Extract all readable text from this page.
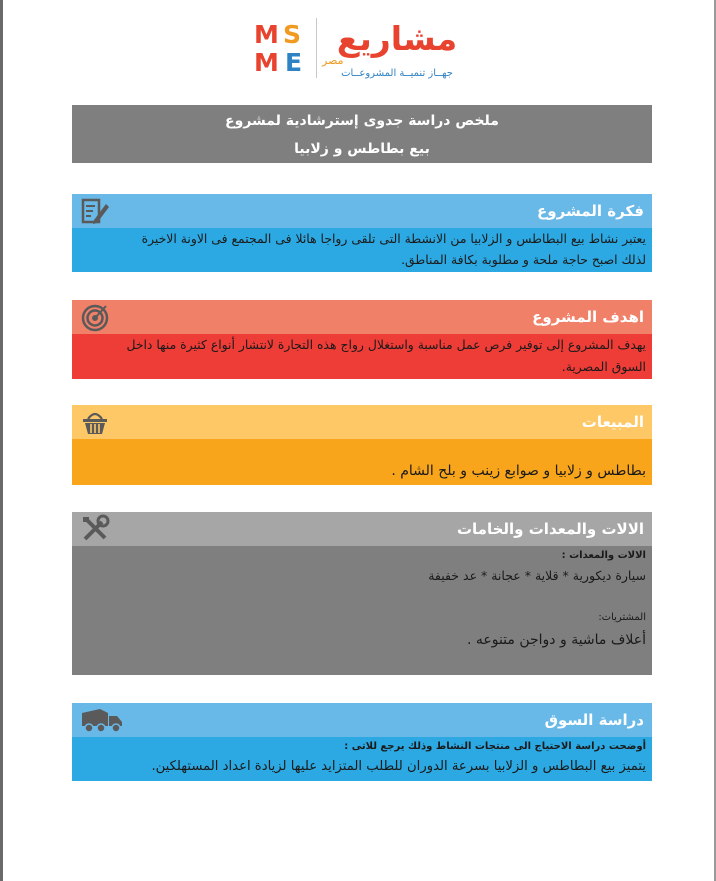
M S
M E
مشاريع
مصر
جهــاز تنميــة المشروعــات
ملخص دراسة جدوى إسترشادية لمشروع
بيع بطاطس و زلابيا
فكرة المشروع
يعتبر نشاط بيع البطاطس و الزلابيا من الانشطة التى تلقى رواجا هائلا فى المجتمع فى الاونة الاخيرة
لذلك اصبح حاجة ملحة و مطلوبة بكافة المناطق.
اهدف المشروع
يهدف المشروع إلى توفير فرص عمل مناسبة واستغلال رواج هذه التجارة لانتشار أنواع كثيرة منها داخل
السوق المصرية.
المبيعات
بطاطس و زلابيا و صوابع زينب و بلح الشام .
الالات والمعدات والخامات
الالات والمعدات :
سيارة ديكورية * قلاية * عجانة * عد خفيفة
المشتريات:
أعلاف ماشية و دواجن متنوعه .
دراسة السوق
أوضحت دراسة الاحتياج الى منتجات النشاط وذلك يرجع للاتى :
يتميز بيع البطاطس و الزلابيا بسرعة الدوران للطلب المتزايد عليها لزيادة اعداد المستهلكين.
